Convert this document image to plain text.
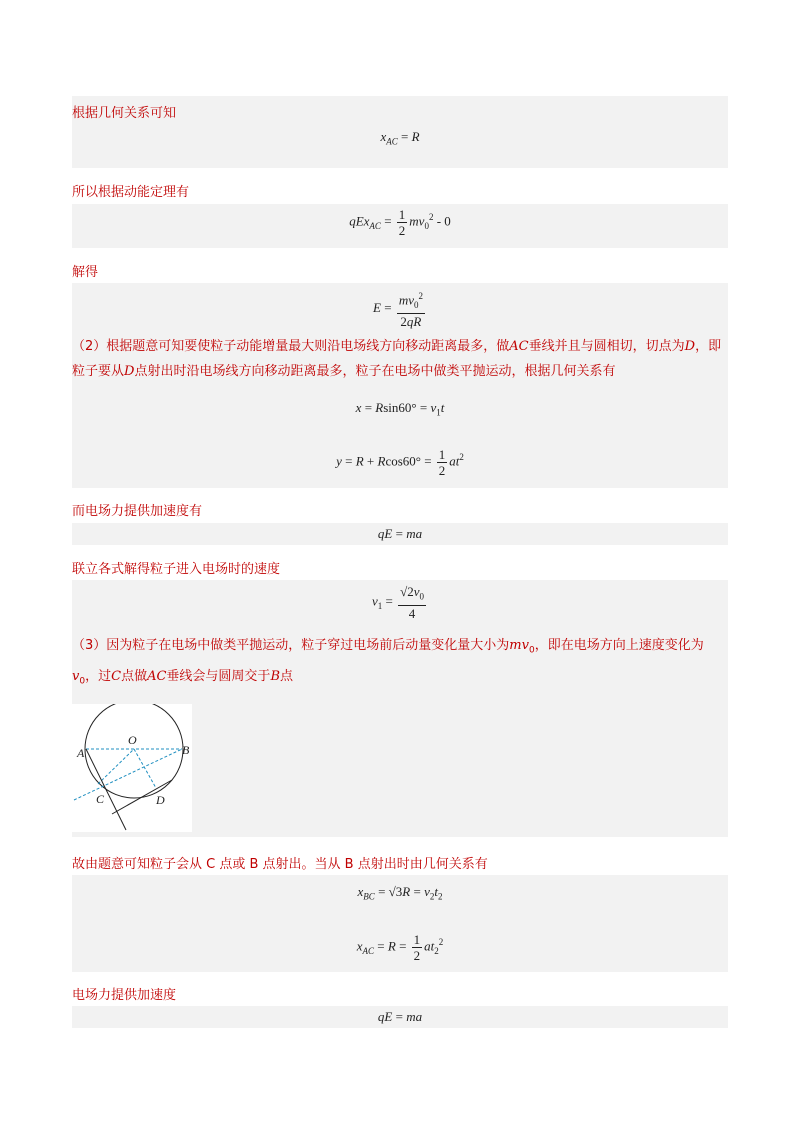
根据几何关系可知
$x_{AC} = R$
所以根据动能定理有
$qEx_{AC} = \frac{1}{2} mv_0^2 - 0$
解得
$E = \frac{mv_0^2}{2qR}$
（2）根据题意可知要使粒子动能增量最大则沿电场线方向移动距离最多，做AC垂线并且与圆相切，切点为D，即粒子要从D点射出时沿电场线方向移动距离最多，粒子在电场中做类平抛运动，根据几何关系有
$x = Rsin60^\circ = v_1t$
$y = R + Rcos60^\circ = \frac{1}{2} at^2$
而电场力提供加速度有
qE = ma
联立各式解得粒子进入电场时的速度
$v_1 = \frac{√2v_0}{4}$
（3）因为粒子在电场中做类平抛运动，粒子穿过电场前后动量变化量大小为$mv_0$，即在电场方向上速度变化为$v_0$，过C点做AC垂线会与圆周交于B点
A
O
B
C	D
故由题意可知粒子会从 C 点或 B 点射出。当从 B 点射出时由几何关系有
$x_{BC} = √3R = v_2t_2$
$x_{AC} = R = \frac{1}{2} at_2^2$
电场力提供加速度
qE = ma
